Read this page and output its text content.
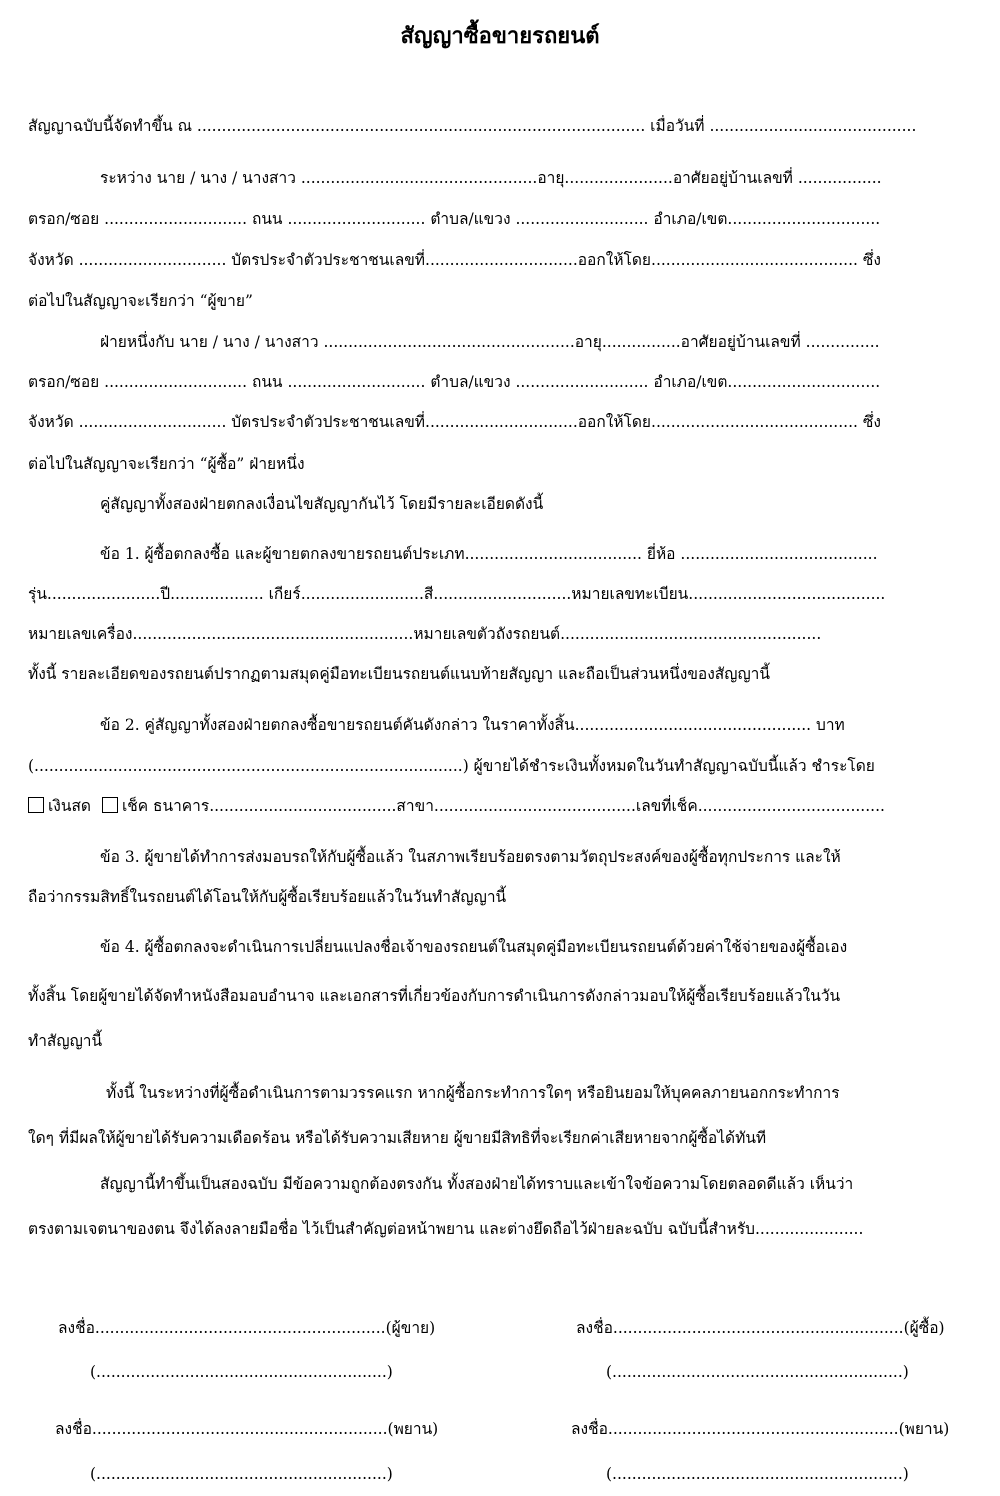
สัญญาซื้อขายรถยนต์
สัญญาฉบับนี้จัดทำขึ้น ณ ........................................................................................... เมื่อวันที่ ..........................................
ระหว่าง นาย / นาง / นางสาว ................................................อายุ......................อาศัยอยู่บ้านเลขที่ .................
ตรอก/ซอย ............................. ถนน ............................ ตำบล/แขวง ........................... อำเภอ/เขต...............................
จังหวัด .............................. บัตรประจำตัวประชาชนเลขที่...............................ออกให้โดย.......................................... ซึ่ง
ต่อไปในสัญญาจะเรียกว่า “ผู้ขาย”
ฝ่ายหนึ่งกับ นาย / นาง / นางสาว ...................................................อายุ................อาศัยอยู่บ้านเลขที่ ...............
ตรอก/ซอย ............................. ถนน ............................ ตำบล/แขวง ........................... อำเภอ/เขต...............................
จังหวัด .............................. บัตรประจำตัวประชาชนเลขที่...............................ออกให้โดย.......................................... ซึ่ง
ต่อไปในสัญญาจะเรียกว่า “ผู้ซื้อ” ฝ่ายหนึ่ง
คู่สัญญาทั้งสองฝ่ายตกลงเงื่อนไขสัญญากันไว้ โดยมีรายละเอียดดังนี้
ข้อ 1. ผู้ซื้อตกลงซื้อ และผู้ขายตกลงขายรถยนต์ประเภท.................................... ยี่ห้อ ........................................
รุ่น.......................ปี................... เกียร์.........................สี............................หมายเลขทะเบียน........................................
หมายเลขเครื่อง.........................................................หมายเลขตัวถังรถยนต์.....................................................
ทั้งนี้ รายละเอียดของรถยนต์ปรากฏตามสมุดคู่มือทะเบียนรถยนต์แนบท้ายสัญญา และถือเป็นส่วนหนึ่งของสัญญานี้
ข้อ 2. คู่สัญญาทั้งสองฝ่ายตกลงซื้อขายรถยนต์คันดังกล่าว ในราคาทั้งสิ้น................................................ บาท
(.......................................................................................) ผู้ขายได้ชำระเงินทั้งหมดในวันทำสัญญาฉบับนี้แล้ว ชำระโดย
เงินสด เช็ค ธนาคาร......................................สาขา.........................................เลขที่เช็ค......................................
ข้อ 3. ผู้ขายได้ทำการส่งมอบรถให้กับผู้ซื้อแล้ว ในสภาพเรียบร้อยตรงตามวัตถุประสงค์ของผู้ซื้อทุกประการ และให้
ถือว่ากรรมสิทธิ์ในรถยนต์ได้โอนให้กับผู้ซื้อเรียบร้อยแล้วในวันทำสัญญานี้
ข้อ 4. ผู้ซื้อตกลงจะดำเนินการเปลี่ยนแปลงชื่อเจ้าของรถยนต์ในสมุดคู่มือทะเบียนรถยนต์ด้วยค่าใช้จ่ายของผู้ซื้อเอง
ทั้งสิ้น โดยผู้ขายได้จัดทำหนังสือมอบอำนาจ และเอกสารที่เกี่ยวข้องกับการดำเนินการดังกล่าวมอบให้ผู้ซื้อเรียบร้อยแล้วในวัน
ทำสัญญานี้
ทั้งนี้ ในระหว่างที่ผู้ซื้อดำเนินการตามวรรคแรก หากผู้ซื้อกระทำการใดๆ หรือยินยอมให้บุคคลภายนอกกระทำการ
ใดๆ ที่มีผลให้ผู้ขายได้รับความเดือดร้อน หรือได้รับความเสียหาย ผู้ขายมีสิทธิที่จะเรียกค่าเสียหายจากผู้ซื้อได้ทันที
สัญญานี้ทำขึ้นเป็นสองฉบับ มีข้อความถูกต้องตรงกัน ทั้งสองฝ่ายได้ทราบและเข้าใจข้อความโดยตลอดดีแล้ว เห็นว่า
ตรงตามเจตนาของตน จึงได้ลงลายมือชื่อ ไว้เป็นสำคัญต่อหน้าพยาน และต่างยึดถือไว้ฝ่ายละฉบับ ฉบับนี้สำหรับ......................
ลงชื่อ...........................................................(ผู้ขาย)	ลงชื่อ...........................................................(ผู้ซื้อ)
(...........................................................)	(...........................................................)
ลงชื่อ............................................................(พยาน)	ลงชื่อ...........................................................(พยาน)
(...........................................................)	(...........................................................)
